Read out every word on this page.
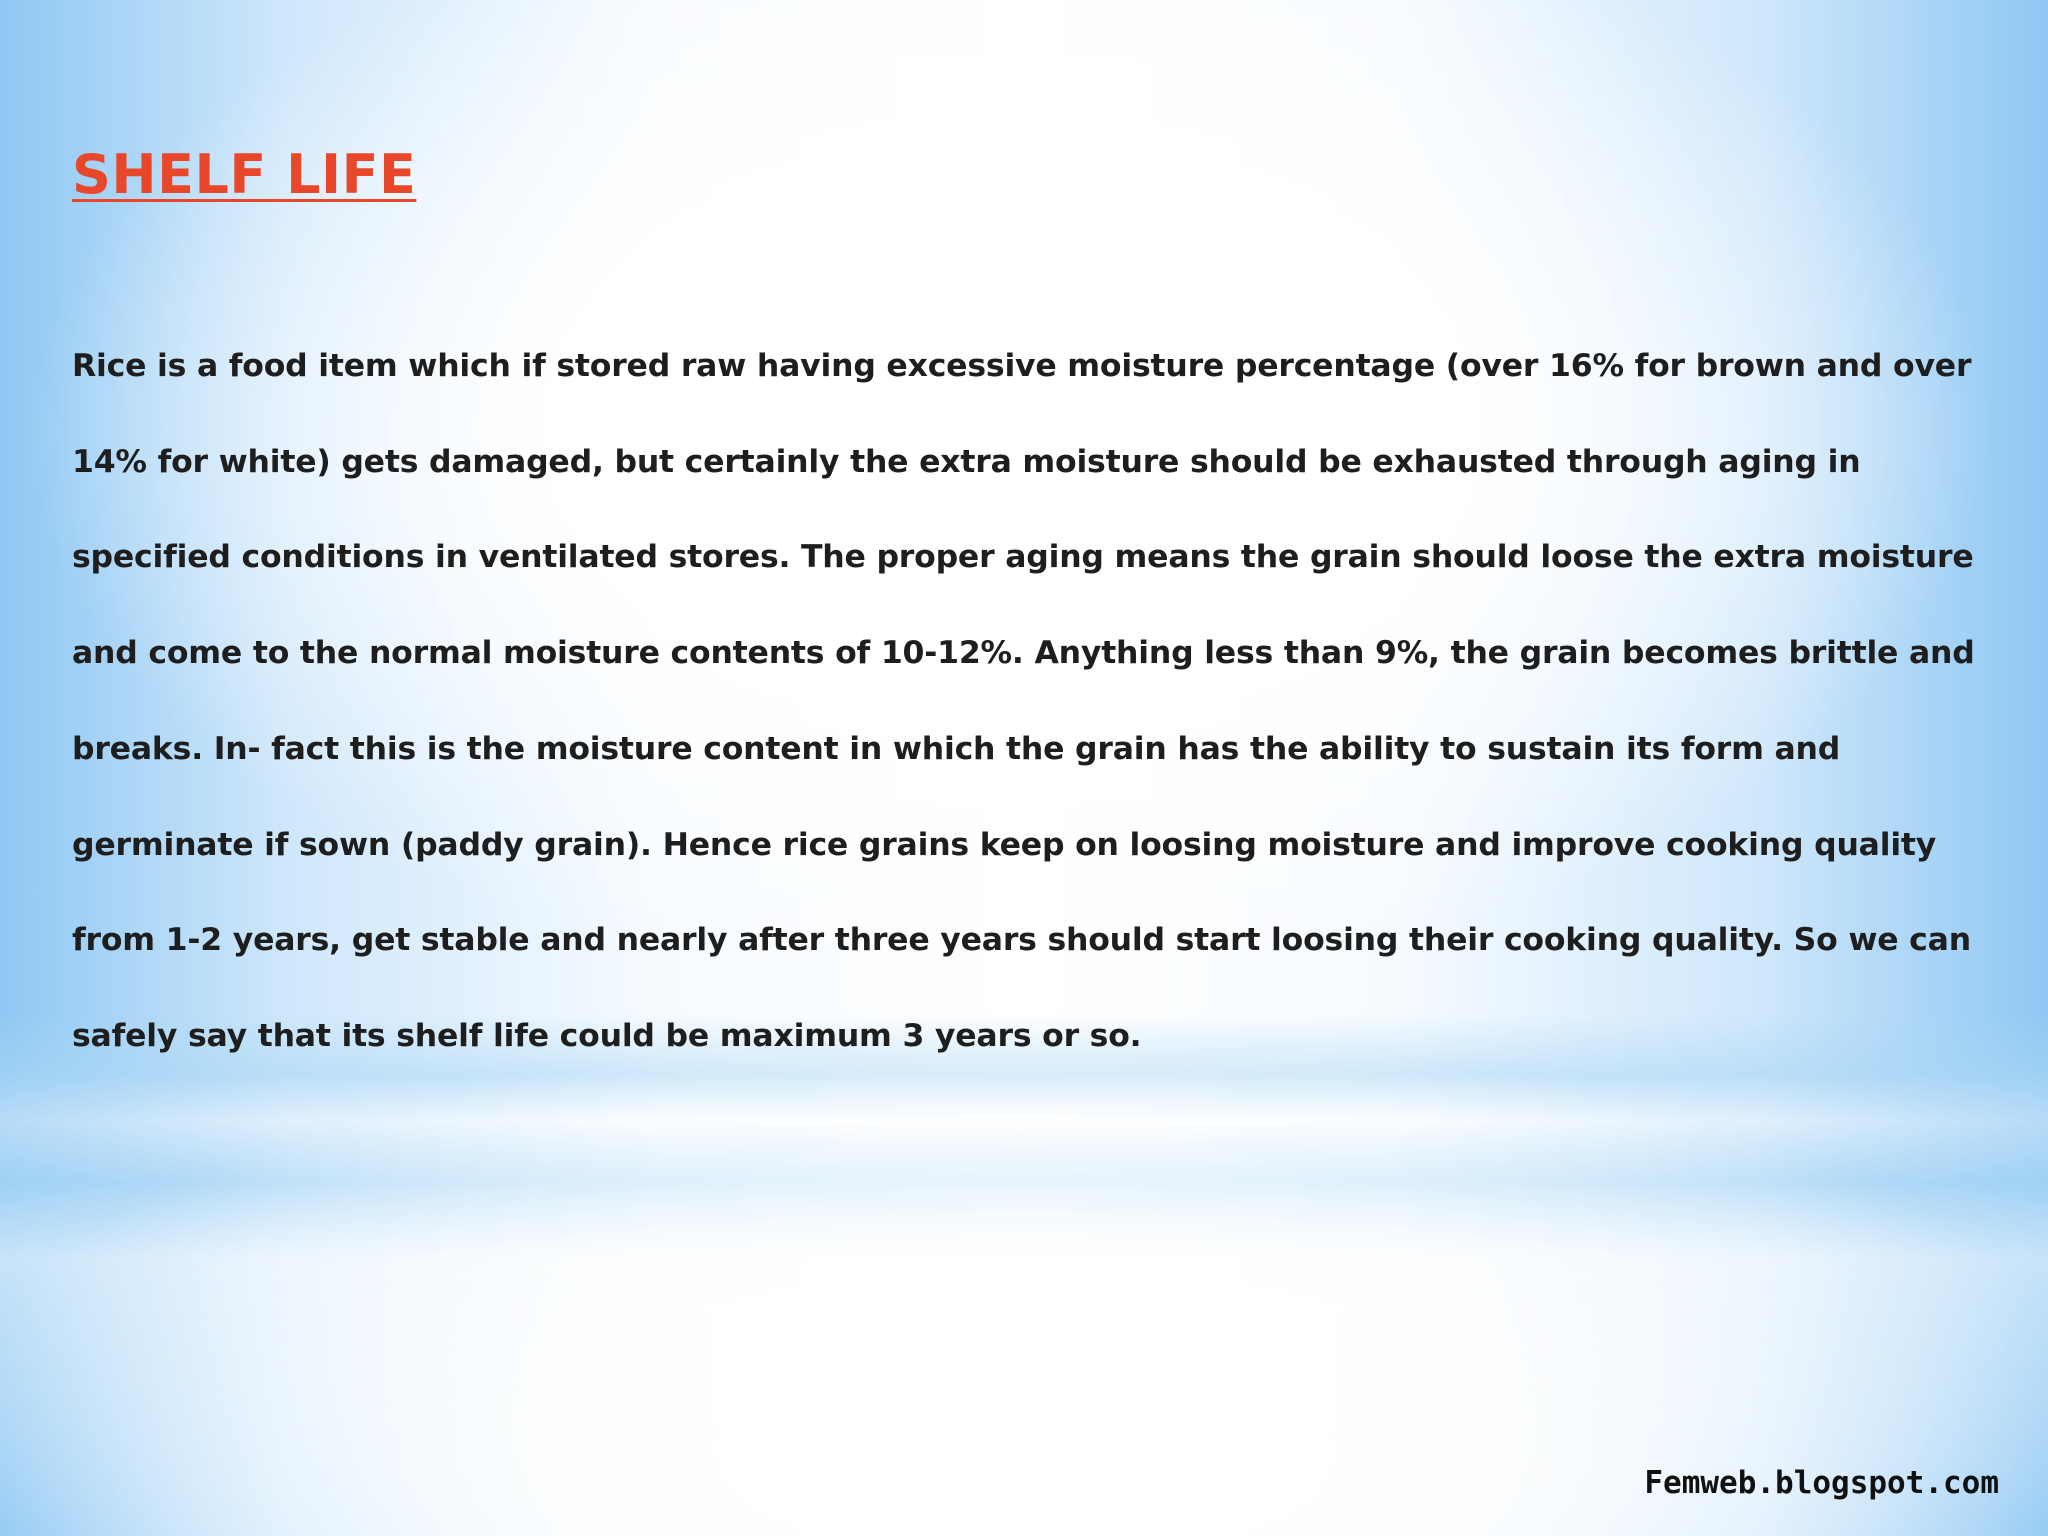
SHELF LIFE

Rice is a food item which if stored raw having excessive moisture percentage (over 16% for brown and over 14% for white) gets damaged, but certainly the extra moisture should be exhausted through aging in specified conditions in ventilated stores. The proper aging means the grain should loose the extra moisture and come to the normal moisture contents of 10-12%. Anything less than 9%, the grain becomes brittle and breaks. In- fact this is the moisture content in which the grain has the ability to sustain its form and germinate if sown (paddy grain). Hence rice grains keep on loosing moisture and improve cooking quality from 1-2 years, get stable and nearly after three years should start loosing their cooking quality. So we can safely say that its shelf life could be maximum 3 years or so.

Femweb.blogspot.com
